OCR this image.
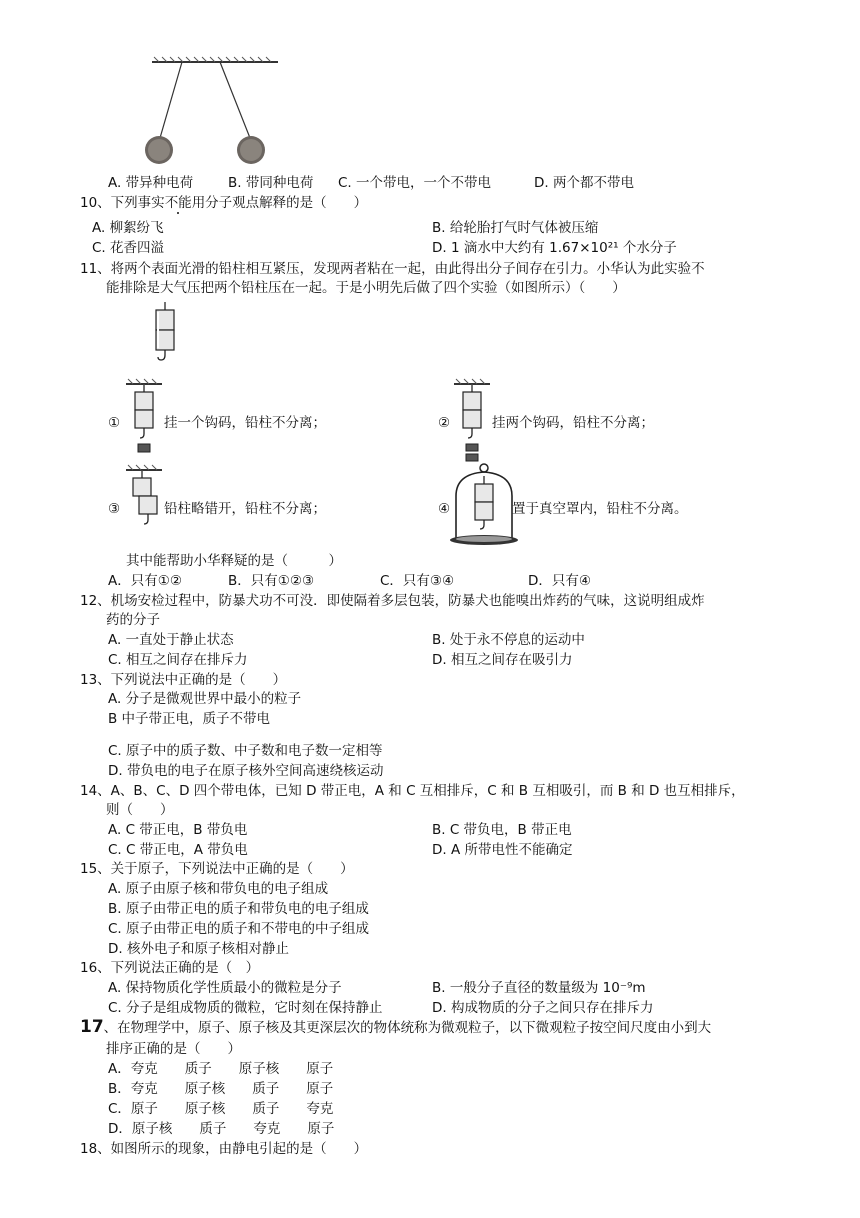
A. 带异种电荷	B. 带同种电荷 C. 一个带电，一个不带电	D. 两个都不带电
10、下列事实不能用分子观点解释的是（　　）
A. 柳絮纷飞	B. 给轮胎打气时气体被压缩
C. 花香四溢	D. 1 滴水中大约有 1.67×10²¹ 个水分子
11、将两个表面光滑的铅柱相互紧压，发现两者粘在一起，由此得出分子间存在引力。小华认为此实验不
能排除是大气压把两个铅柱压在一起。于是小明先后做了四个实验（如图所示）（　　）
①	挂一个钩码，铅柱不分离；	②	挂两个钩码，铅柱不分离；
③	铅柱略错开，铅柱不分离；	④	置于真空罩内，铅柱不分离。
其中能帮助小华释疑的是（　　　）
A．只有①②	B．只有①②③	C．只有③④	D．只有④
12、机场安检过程中，防暴犬功不可没．即使隔着多层包装，防暴犬也能嗅出炸药的气味，这说明组成炸
药的分子
A. 一直处于静止状态	B. 处于永不停息的运动中
C. 相互之间存在排斥力	D. 相互之间存在吸引力
13、下列说法中正确的是（　　）
A. 分子是微观世界中最小的粒子
B 中子带正电，质子不带电
C. 原子中的质子数、中子数和电子数一定相等
D. 带负电的电子在原子核外空间高速绕核运动
14、A、B、C、D 四个带电体，已知 D 带正电，A 和 C 互相排斥，C 和 B 互相吸引，而 B 和 D 也互相排斥，
则（　　）
A. C 带正电，B 带负电	B. C 带负电，B 带正电
C. C 带正电，A 带负电	D. A 所带电性不能确定
15、关于原子，下列说法中正确的是（　　）
A. 原子由原子核和带负电的电子组成
B. 原子由带正电的质子和带负电的电子组成
C. 原子由带正电的质子和不带电的中子组成
D. 核外电子和原子核相对静止
16、下列说法正确的是（　）
A. 保持物质化学性质最小的微粒是分子	B. 一般分子直径的数量级为 10⁻⁹m
C. 分子是组成物质的微粒，它时刻在保持静止	D. 构成物质的分子之间只存在排斥力
17、在物理学中，原子、原子核及其更深层次的物体统称为微观粒子，以下微观粒子按空间尺度由小到大
排序正确的是（　　）
A．夸克　　质子　　原子核　　原子
B．夸克　　原子核　　质子　　原子
C．原子　　原子核　　质子　　夸克
D．原子核　　质子　　夸克　　原子
18、如图所示的现象，由静电引起的是（　　）
